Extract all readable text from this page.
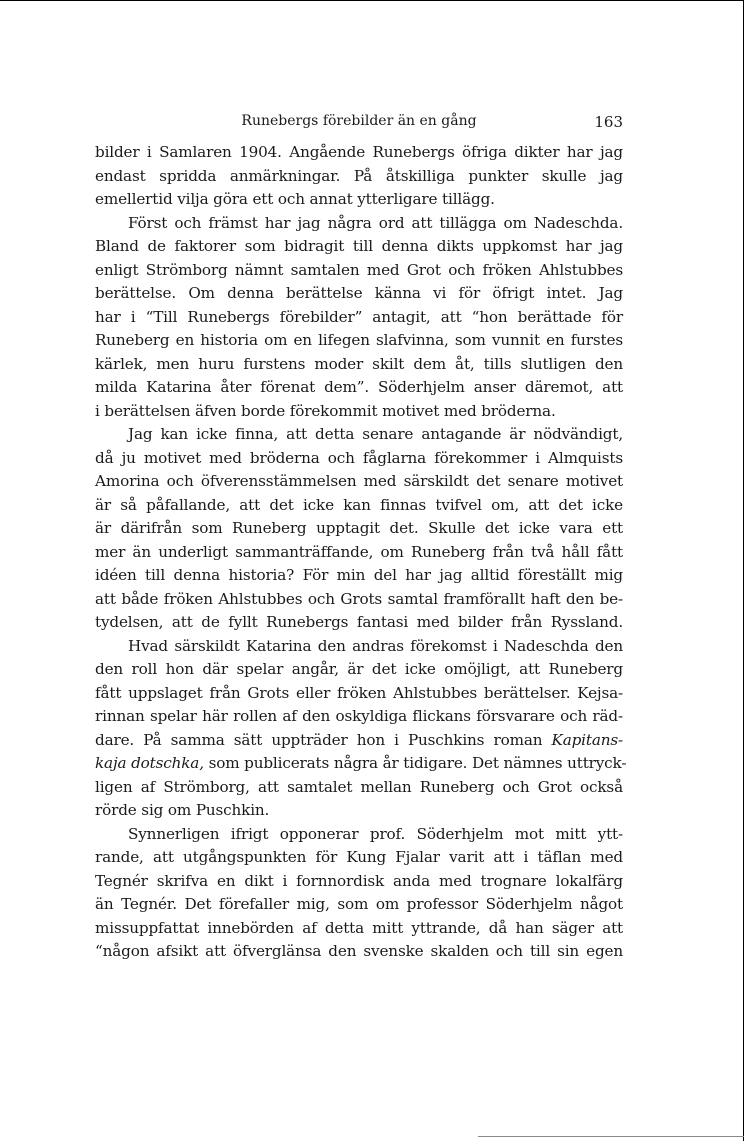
Runebergs förebilder än en gång	163
bilder i Samlaren 1904. Angående Runebergs öfriga dikter har jag
endast spridda anmärkningar. På åtskilliga punkter skulle jag
emellertid vilja göra ett och annat ytterligare tillägg.
Först och främst har jag några ord att tillägga om Nadeschda.
Bland de faktorer som bidragit till denna dikts uppkomst har jag
enligt Strömborg nämnt samtalen med Grot och fröken Ahlstubbes
berättelse. Om denna berättelse känna vi för öfrigt intet. Jag
har i “Till Runebergs förebilder” antagit, att “hon berättade för
Runeberg en historia om en lifegen slafvinna, som vunnit en furstes
kärlek, men huru furstens moder skilt dem åt, tills slutligen den
milda Katarina åter förenat dem”. Söderhjelm anser däremot, att
i berättelsen äfven borde förekommit motivet med bröderna.
Jag kan icke finna, att detta senare antagande är nödvändigt,
då ju motivet med bröderna och fåglarna förekommer i Almquists
Amorina och öfverensstämmelsen med särskildt det senare motivet
är så påfallande, att det icke kan finnas tvifvel om, att det icke
är därifrån som Runeberg upptagit det. Skulle det icke vara ett
mer än underligt sammanträffande, om Runeberg från två håll fått
idéen till denna historia? För min del har jag alltid föreställt mig
att både fröken Ahlstubbes och Grots samtal framförallt haft den be-
tydelsen, att de fyllt Runebergs fantasi med bilder från Ryssland.
Hvad särskildt Katarina den andras förekomst i Nadeschda den
den roll hon där spelar angår, är det icke omöjligt, att Runeberg
fått uppslaget från Grots eller fröken Ahlstubbes berättelser. Kejsa-
rinnan spelar här rollen af den oskyldiga flickans försvarare och räd-
dare. På samma sätt uppträder hon i Puschkins roman Kapitans-
kaja dotschka, som publicerats några år tidigare. Det nämnes uttryck-
ligen af Strömborg, att samtalet mellan Runeberg och Grot också
rörde sig om Puschkin.
Synnerligen ifrigt opponerar prof. Söderhjelm mot mitt ytt-
rande, att utgångspunkten för Kung Fjalar varit att i täflan med
Tegnér skrifva en dikt i fornnordisk anda med trognare lokalfärg
än Tegnér. Det förefaller mig, som om professor Söderhjelm något
missuppfattat innebörden af detta mitt yttrande, då han säger att
“någon afsikt att öfverglänsa den svenske skalden och till sin egen
